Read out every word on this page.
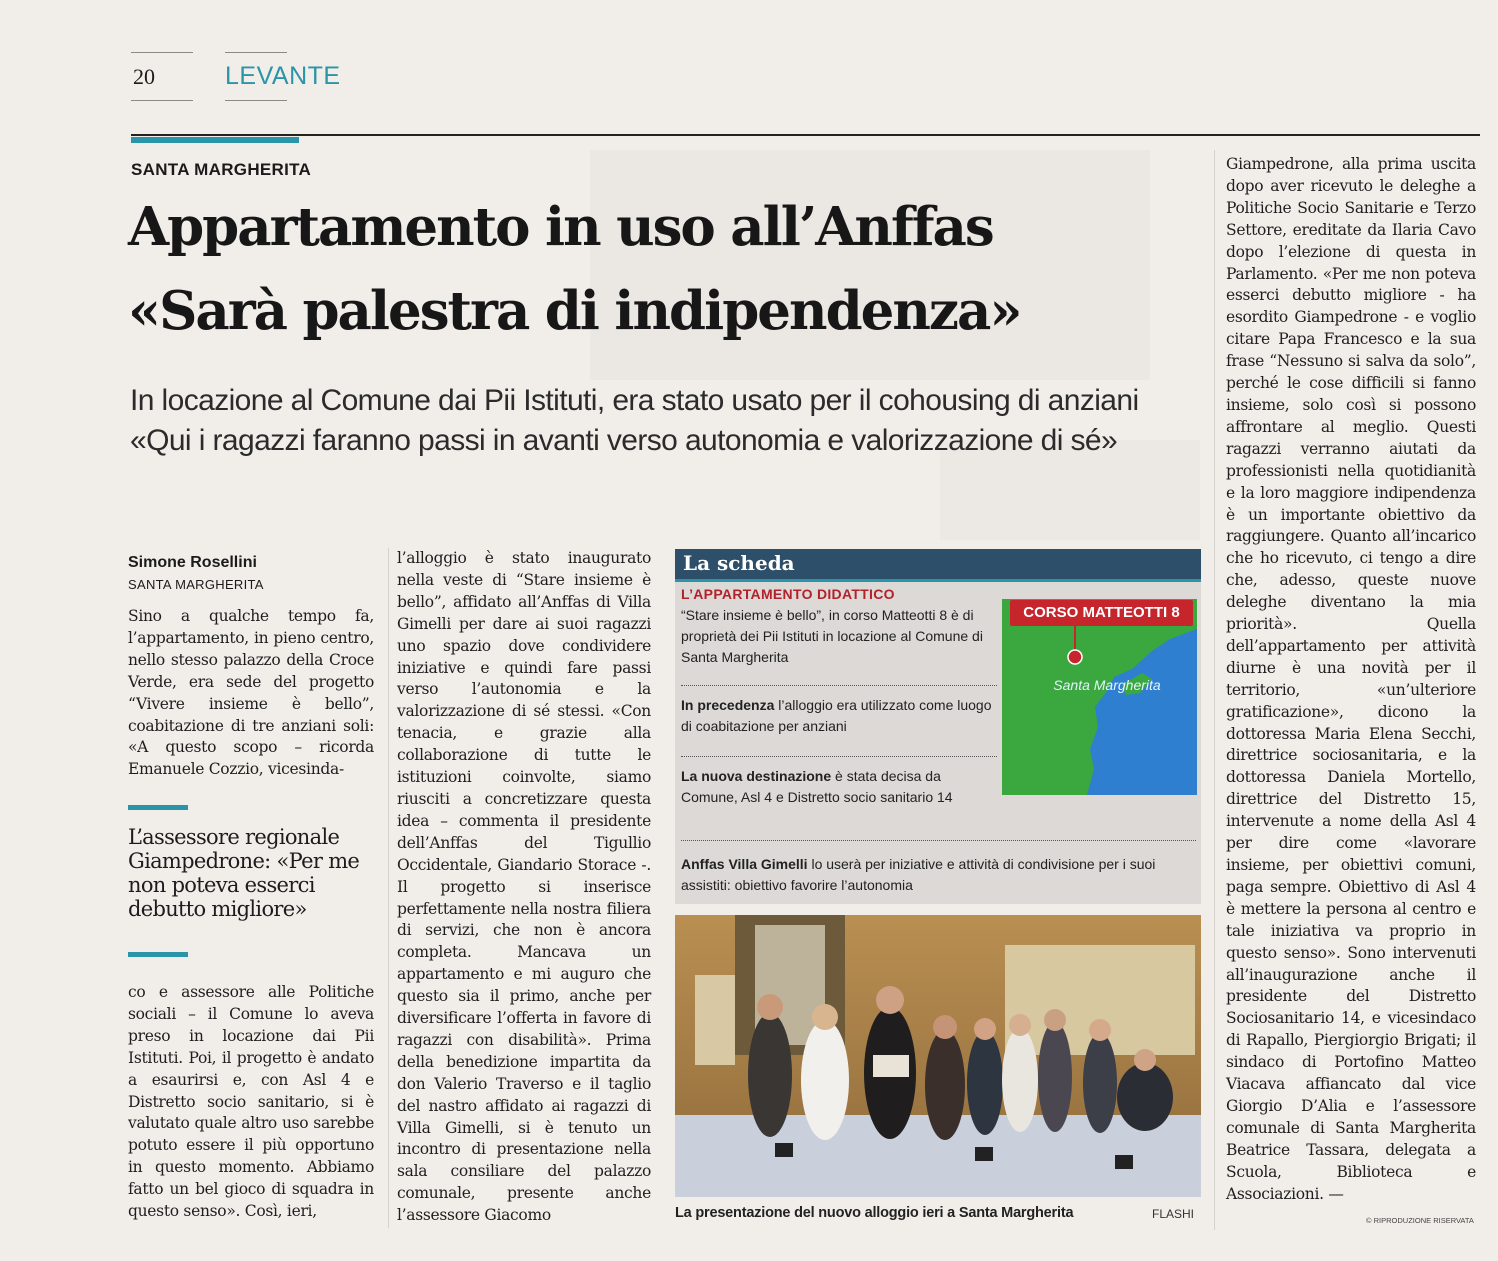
20	LEVANTE
SANTA MARGHERITA
Appartamento in uso all’Anffas
«Sarà palestra di indipendenza»
In locazione al Comune dai Pii Istituti, era stato usato per il cohousing di anziani
«Qui i ragazzi faranno passi in avanti verso autonomia e valorizzazione di sé»
Simone Rosellini
SANTA MARGHERITA
Sino a qualche tempo fa, l’appartamento, in pieno centro, nello stesso palazzo della Croce Verde, era sede del progetto “Vivere insieme è bello”, coabitazione di tre anziani soli: «A questo scopo – ricorda Emanuele Cozzio, vicesinda-
L’assessore regionale Giampedrone: «Per me non poteva esserci debutto migliore»
co e assessore alle Politiche sociali – il Comune lo aveva preso in locazione dai Pii Istituti. Poi, il progetto è andato a esaurirsi e, con Asl 4 e Distretto socio sanitario, si è valutato quale altro uso sarebbe potuto essere il più opportuno in questo momento. Abbiamo fatto un bel gioco di squadra in questo senso». Così, ieri,
l’alloggio è stato inaugurato nella veste di “Stare insieme è bello”, affidato all’Anffas di Villa Gimelli per dare ai suoi ragazzi uno spazio dove condividere iniziative e quindi fare passi verso l’autonomia e la valorizzazione di sé stessi. «Con tenacia, e grazie alla collaborazione di tutte le istituzioni coinvolte, siamo riusciti a concretizzare questa idea – commenta il presidente dell’Anffas del Tigullio Occidentale, Giandario Storace -. Il progetto si inserisce perfettamente nella nostra filiera di servizi, che non è ancora completa. Mancava un appartamento e mi auguro che questo sia il primo, anche per diversificare l’offerta in favore di ragazzi con disabilità». Prima della benedizione impartita da don Valerio Traverso e il taglio del nastro affidato ai ragazzi di Villa Gimelli, si è tenuto un incontro di presentazione nella sala consiliare del palazzo comunale, presente anche l’assessore Giacomo
La scheda
L’APPARTAMENTO DIDATTICO
“Stare insieme è bello”, in corso Matteotti 8 è di proprietà dei Pii Istituti in locazione al Comune di Santa Margherita
In precedenza l’alloggio era utilizzato come luogo di coabitazione per anziani
La nuova destinazione è stata decisa da Comune, Asl 4 e Distretto socio sanitario 14
Anffas Villa Gimelli lo userà per iniziative e attività di condivisione per i suoi assistiti: obiettivo favorire l’autonomia
CORSO MATTEOTTI 8
Santa Margherita
La presentazione del nuovo alloggio ieri a Santa Margherita	FLASHI
Giampedrone, alla prima uscita dopo aver ricevuto le deleghe a Politiche Socio Sanitarie e Terzo Settore, ereditate da Ilaria Cavo dopo l’elezione di questa in Parlamento. «Per me non poteva esserci debutto migliore - ha esordito Giampedrone - e voglio citare Papa Francesco e la sua frase “Nessuno si salva da solo”, perché le cose difficili si fanno insieme, solo così si possono affrontare al meglio. Questi ragazzi verranno aiutati da professionisti nella quotidianità e la loro maggiore indipendenza è un importante obiettivo da raggiungere. Quanto all’incarico che ho ricevuto, ci tengo a dire che, adesso, queste nuove deleghe diventano la mia priorità». Quella dell’appartamento per attività diurne è una novità per il territorio, «un’ulteriore gratificazione», dicono la dottoressa Maria Elena Secchi, direttrice sociosanitaria, e la dottoressa Daniela Mortello, direttrice del Distretto 15, intervenute a nome della Asl 4 per dire come «lavorare insieme, per obiettivi comuni, paga sempre. Obiettivo di Asl 4 è mettere la persona al centro e tale iniziativa va proprio in questo senso». Sono intervenuti all’inaugurazione anche il presidente del Distretto Sociosanitario 14, e vicesindaco di Rapallo, Piergiorgio Brigati; il sindaco di Portofino Matteo Viacava affiancato dal vice Giorgio D’Alia e l’assessore comunale di Santa Margherita Beatrice Tassara, delegata a Scuola, Biblioteca e Associazioni. —
© RIPRODUZIONE RISERVATA
